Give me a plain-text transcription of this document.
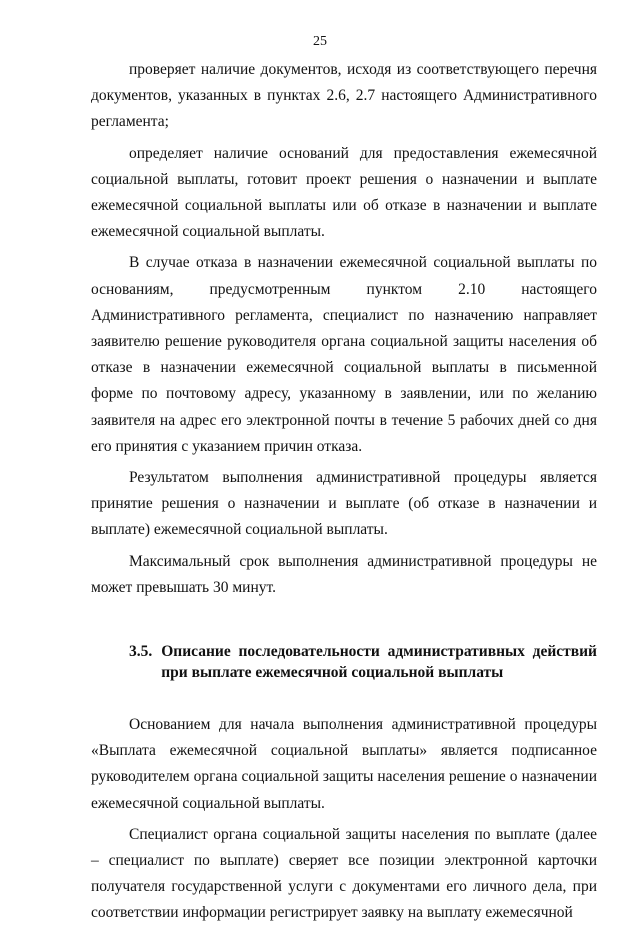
25

проверяет наличие документов, исходя из соответствующего перечня документов, указанных в пунктах 2.6, 2.7 настоящего Административного регламента;

определяет наличие оснований для предоставления ежемесячной социальной выплаты, готовит проект решения о назначении и выплате ежемесячной социальной выплаты или об отказе в назначении и выплате ежемесячной социальной выплаты.

В случае отказа в назначении ежемесячной социальной выплаты по основаниям, предусмотренным пунктом 2.10 настоящего Административного регламента, специалист по назначению направляет заявителю решение руководителя органа социальной защиты населения об отказе в назначении ежемесячной социальной выплаты в письменной форме по почтовому адресу, указанному в заявлении, или по желанию заявителя на адрес его электронной почты в течение 5 рабочих дней со дня его принятия с указанием причин отказа.

Результатом выполнения административной процедуры является принятие решения о назначении и выплате (об отказе в назначении и выплате) ежемесячной социальной выплаты.

Максимальный срок выполнения административной процедуры не может превышать 30 минут.

3.5. Описание последовательности административных действий при выплате ежемесячной социальной выплаты

Основанием для начала выполнения административной процедуры «Выплата ежемесячной социальной выплаты» является подписанное руководителем органа социальной защиты населения решение о назначении ежемесячной социальной выплаты.

Специалист органа социальной защиты населения по выплате (далее – специалист по выплате) сверяет все позиции электронной карточки получателя государственной услуги с документами его личного дела, при соответствии информации регистрирует заявку на выплату ежемесячной
